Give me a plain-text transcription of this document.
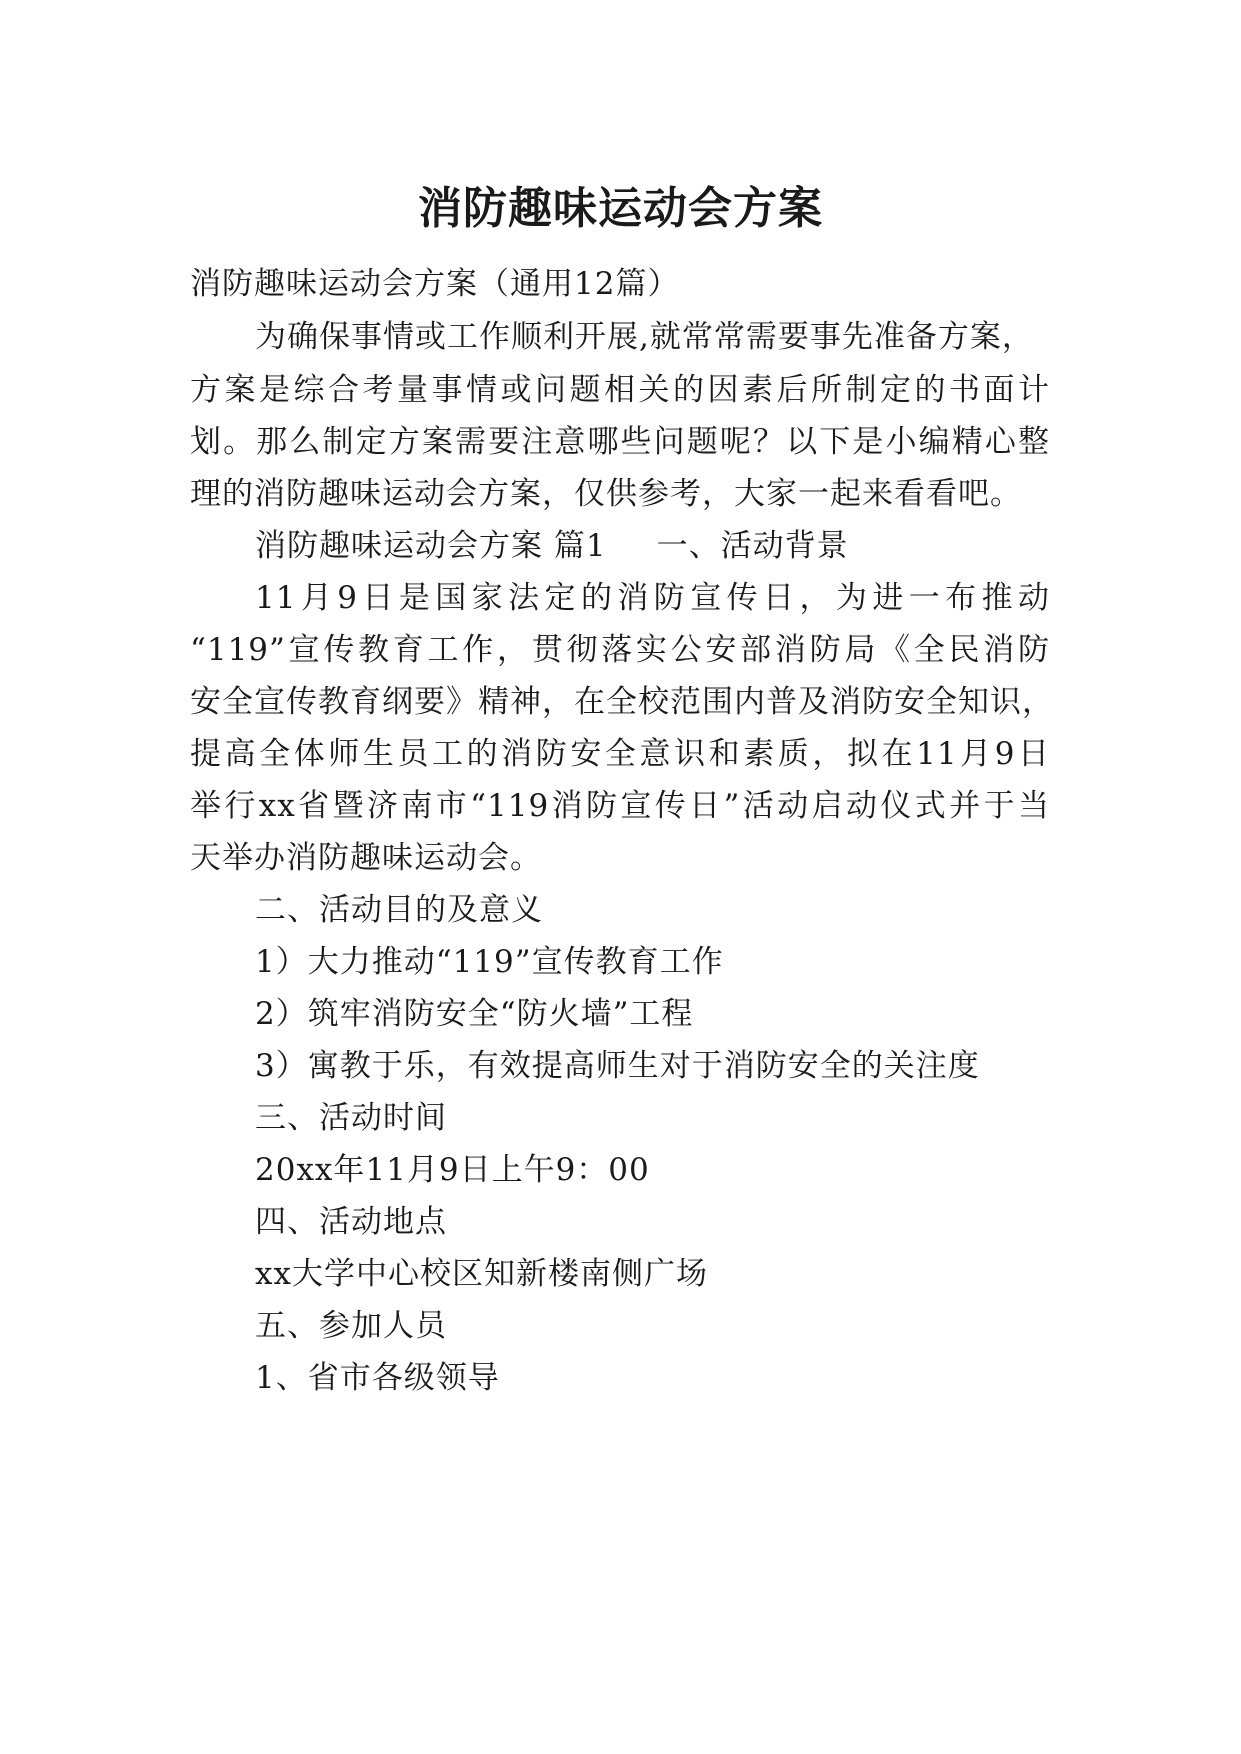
消防趣味运动会方案

消防趣味运动会方案（通用12篇）

为确保事情或工作顺利开展,就常常需要事先准备方案，

方案是综合考量事情或问题相关的因素后所制定的书面计

划。那么制定方案需要注意哪些问题呢？以下是小编精心整

理的消防趣味运动会方案，仅供参考，大家一起来看看吧。

消防趣味运动会方案 篇1 一、活动背景

11月9日是国家法定的消防宣传日，为进一布推动

“119”宣传教育工作，贯彻落实公安部消防局《全民消防

安全宣传教育纲要》精神，在全校范围内普及消防安全知识，

提高全体师生员工的消防安全意识和素质，拟在11月9日

举行xx省暨济南市“119消防宣传日”活动启动仪式并于当

天举办消防趣味运动会。

二、活动目的及意义

1）大力推动“119”宣传教育工作

2）筑牢消防安全“防火墙”工程

3）寓教于乐，有效提高师生对于消防安全的关注度

三、活动时间

20xx年11月9日上午9：00

四、活动地点

xx大学中心校区知新楼南侧广场

五、参加人员

1、省市各级领导
